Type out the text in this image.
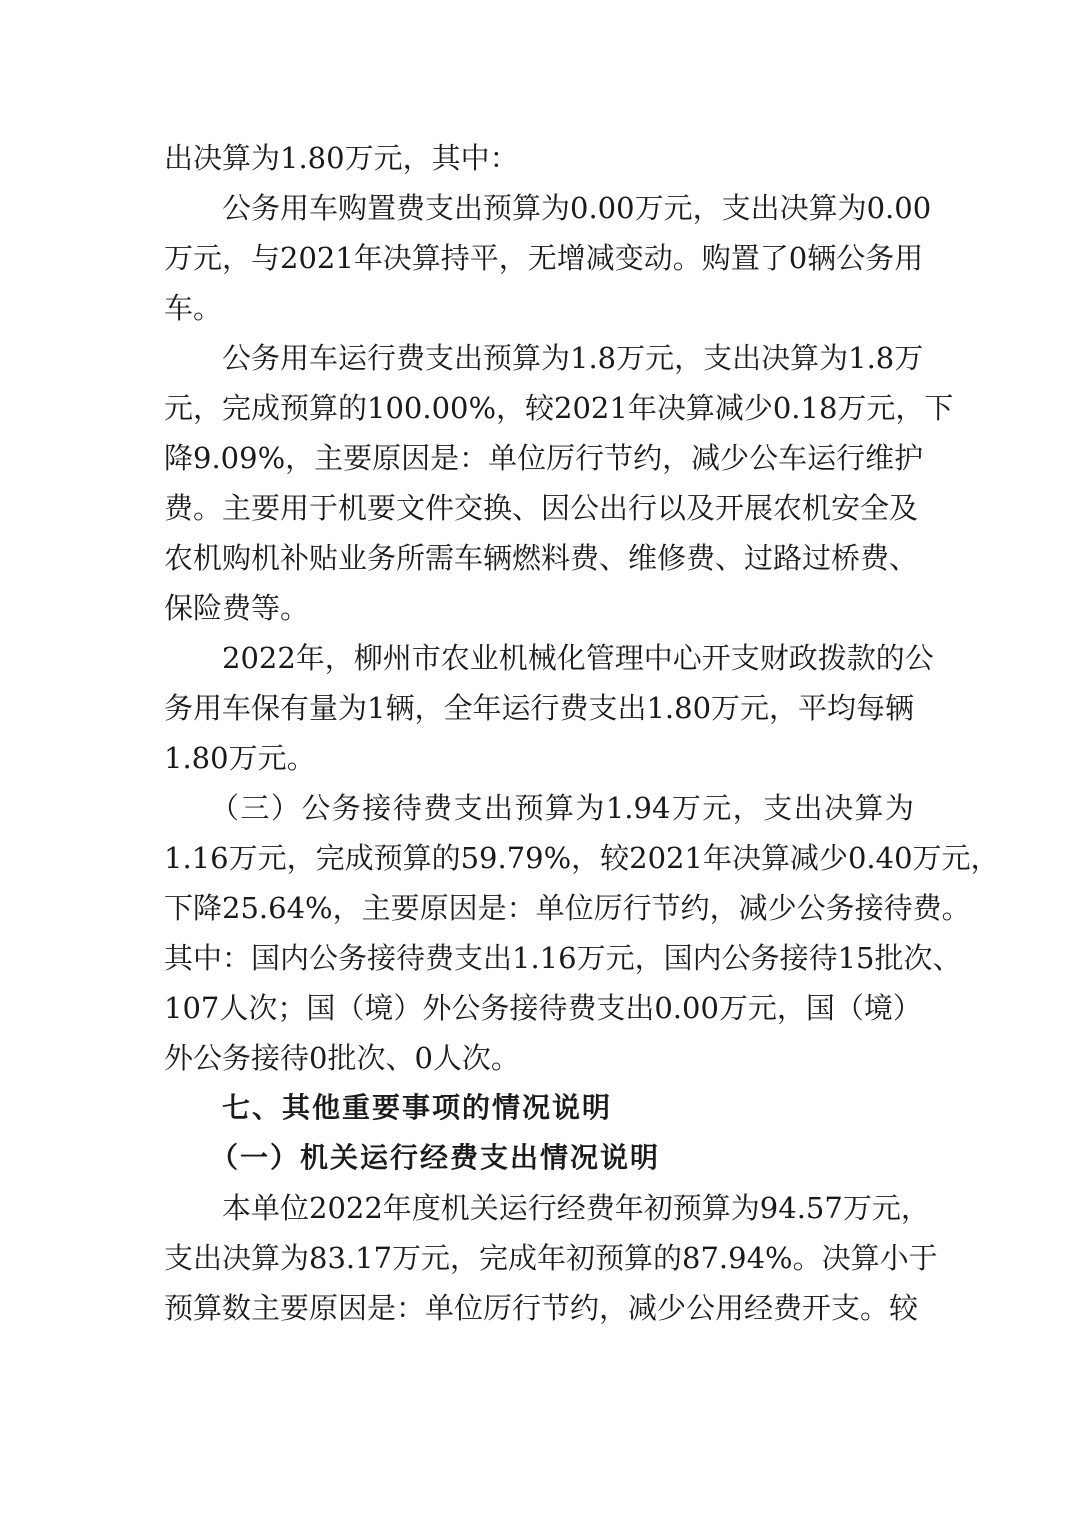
出决算为1.80万元，其中：
公务用车购置费支出预算为0.00万元，支出决算为0.00
万元，与2021年决算持平，无增减变动。购置了0辆公务用
车。
公务用车运行费支出预算为1.8万元，支出决算为1.8万
元，完成预算的100.00%，较2021年决算减少0.18万元，下
降9.09%，主要原因是：单位厉行节约，减少公车运行维护
费。主要用于机要文件交换、因公出行以及开展农机安全及
农机购机补贴业务所需车辆燃料费、维修费、过路过桥费、
保险费等。
2022年，柳州市农业机械化管理中心开支财政拨款的公
务用车保有量为1辆，全年运行费支出1.80万元，平均每辆
1.80万元。
（三）公务接待费支出预算为1.94万元，支出决算为
1.16万元，完成预算的59.79%，较2021年决算减少0.40万元，
下降25.64%，主要原因是：单位厉行节约，减少公务接待费。
其中：国内公务接待费支出1.16万元，国内公务接待15批次、
107人次；国（境）外公务接待费支出0.00万元，国（境）
外公务接待0批次、0人次。
七、其他重要事项的情况说明
（一）机关运行经费支出情况说明
本单位2022年度机关运行经费年初预算为94.57万元，
支出决算为83.17万元，完成年初预算的87.94%。决算小于
预算数主要原因是：单位厉行节约，减少公用经费开支。较
